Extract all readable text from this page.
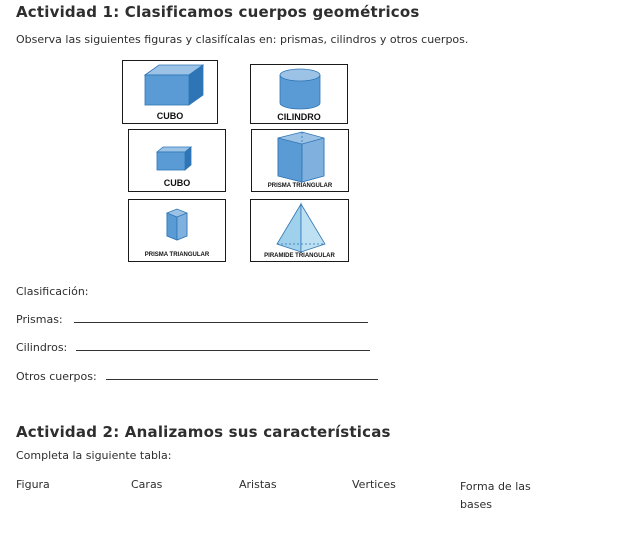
Actividad 1: Clasificamos cuerpos geométricos
Observa las siguientes figuras y clasifícalas en: prismas, cilindros y otros cuerpos.
CUBO	CILINDRO
CUBO	PRISMA TRIANGULAR
PRISMA TRIANGULAR	PIRAMIDE TRIANGULAR
Clasificación:
Prismas:
Cilindros:
Otros cuerpos:
Actividad 2: Analizamos sus características
Completa la siguiente tabla:
Figura	Caras	Aristas	Vertices	Forma de las bases
